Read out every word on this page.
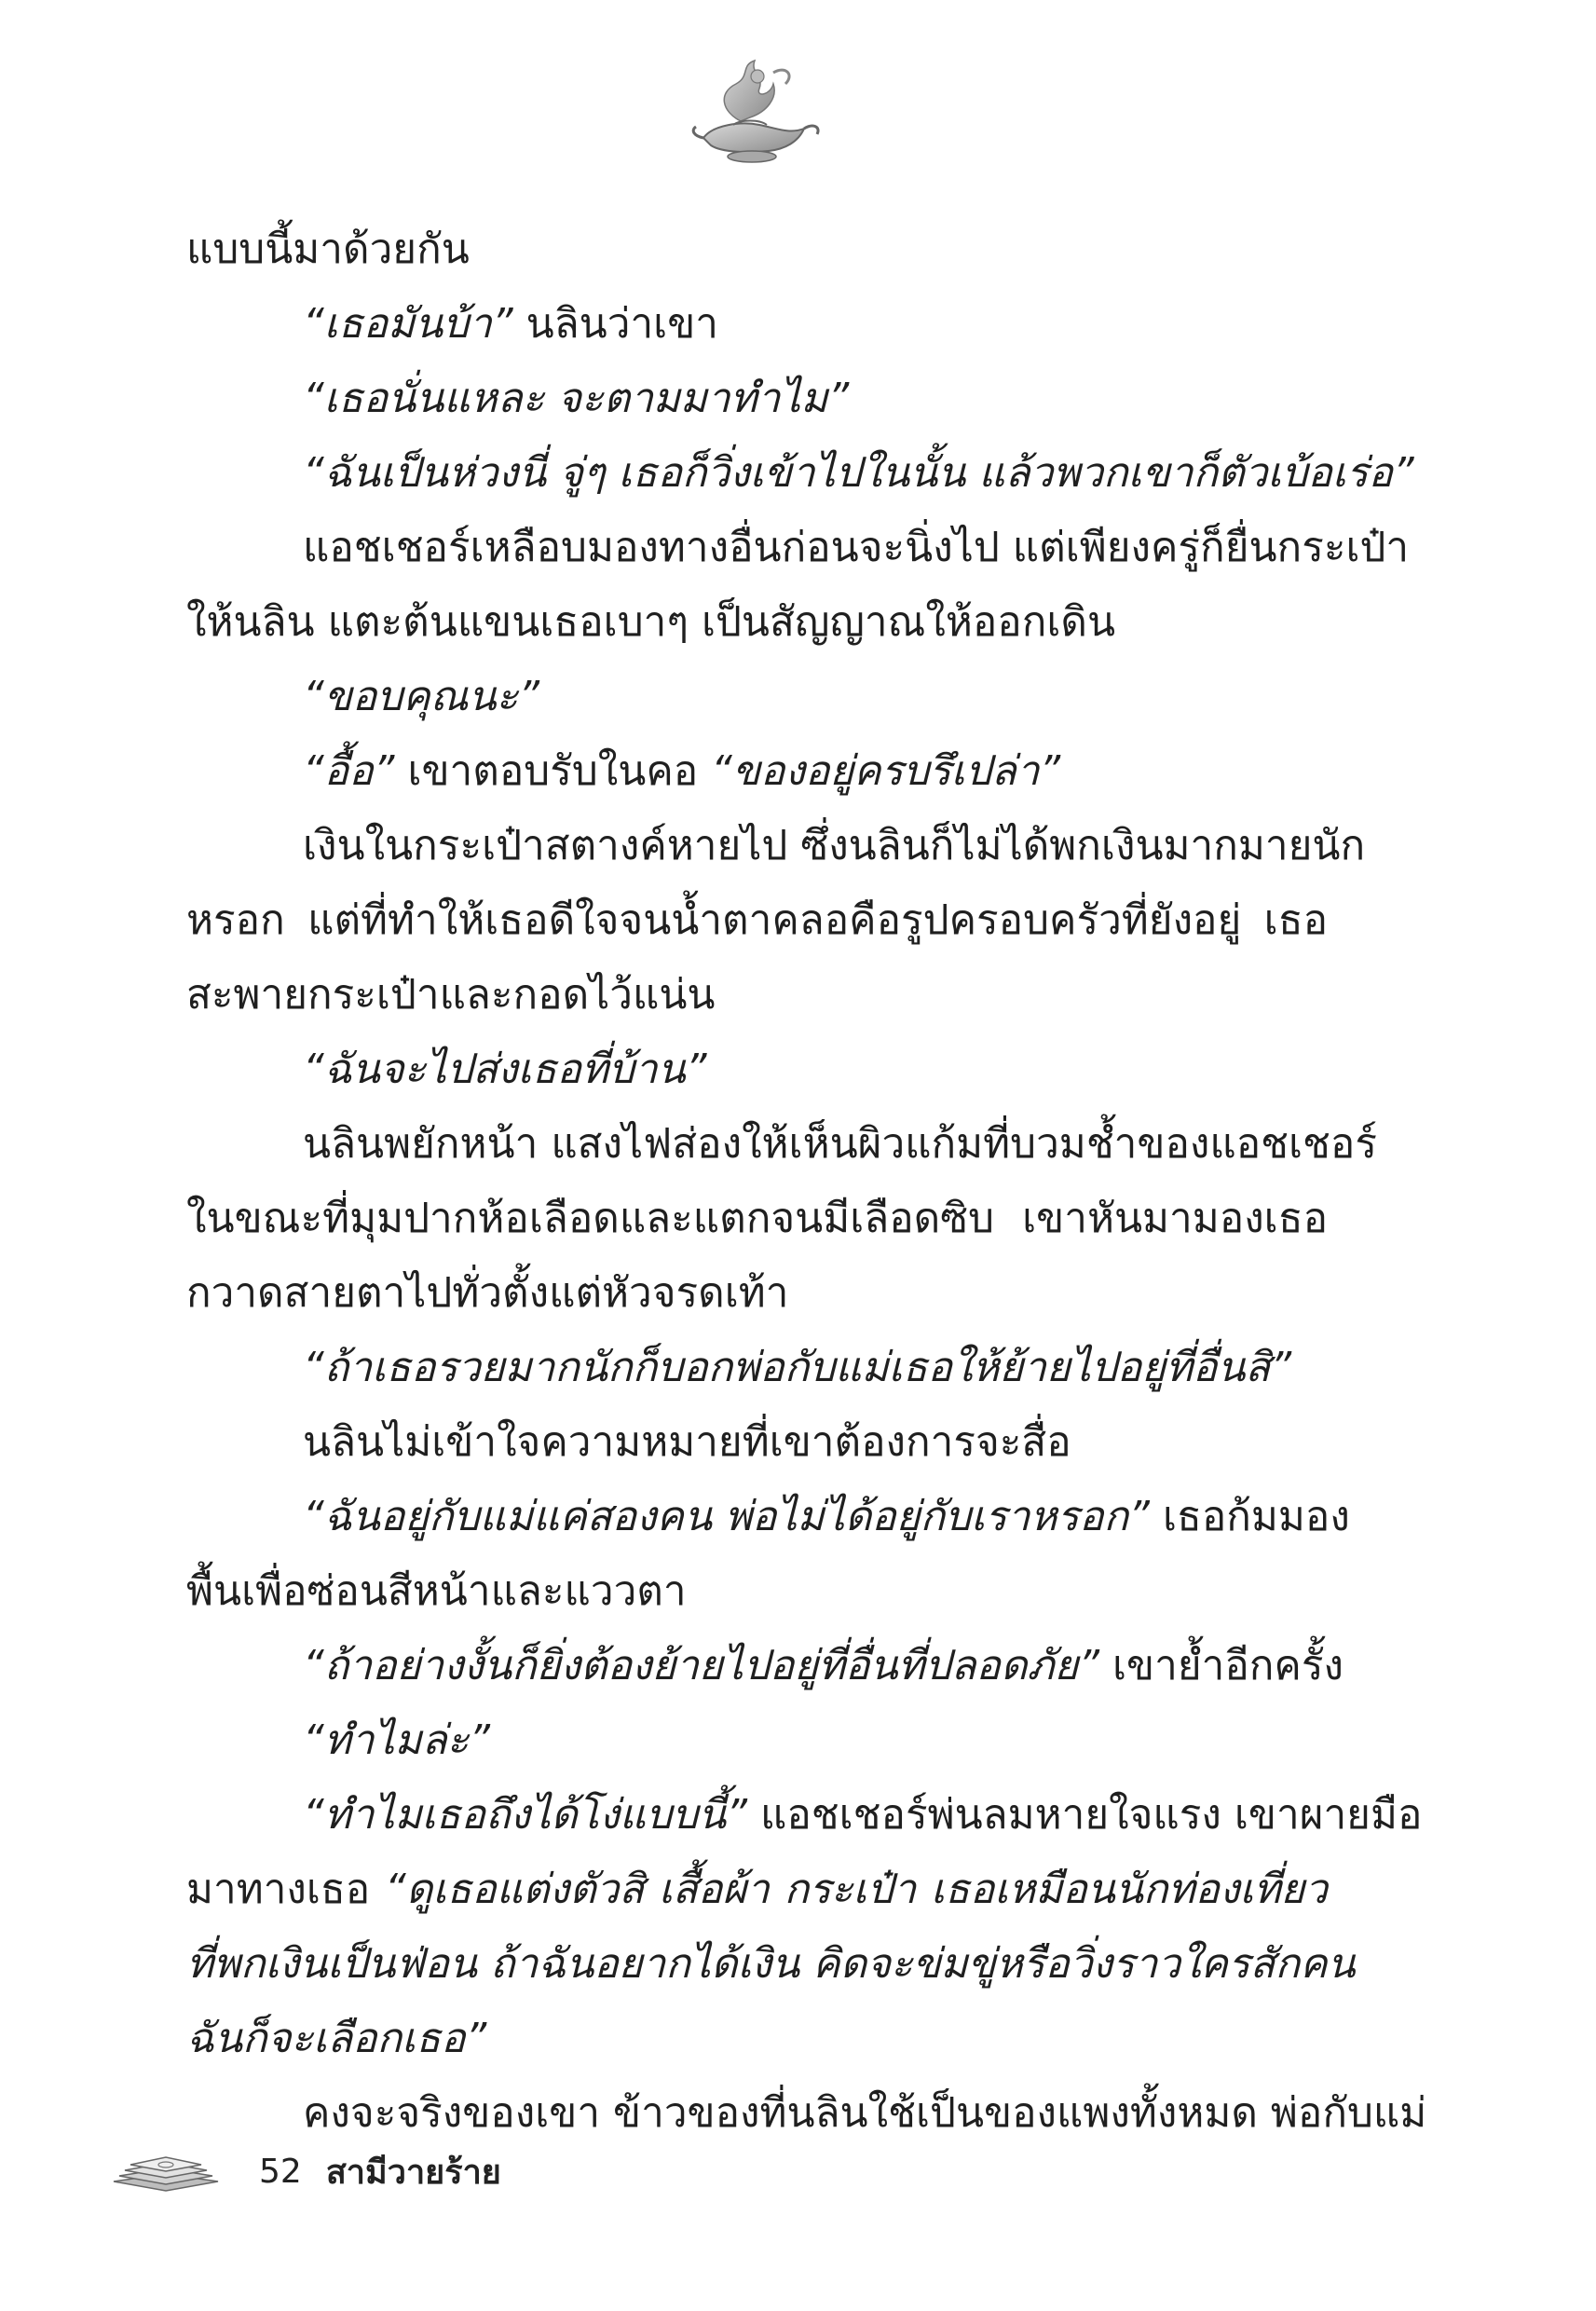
แบบนี้มาด้วยกัน
“เธอมันบ้า” นลินว่าเขา
“เธอนั่นแหละ จะตามมาทำไม”
“ฉันเป็นห่วงนี่ จู่ๆ เธอก็วิ่งเข้าไปในนั้น แล้วพวกเขาก็ตัวเบ้อเร่อ”
แอชเชอร์เหลือบมองทางอื่นก่อนจะนิ่งไป แต่เพียงครู่ก็ยื่นกระเป๋า
ให้นลิน แตะต้นแขนเธอเบาๆ เป็นสัญญาณให้ออกเดิน
“ขอบคุณนะ”
“อื้อ” เขาตอบรับในคอ “ของอยู่ครบรึเปล่า”
เงินในกระเป๋าสตางค์หายไป ซึ่งนลินก็ไม่ได้พกเงินมากมายนัก
หรอก แต่ที่ทำให้เธอดีใจจนน้ำตาคลอคือรูปครอบครัวที่ยังอยู่ เธอ
สะพายกระเป๋าและกอดไว้แน่น
“ฉันจะไปส่งเธอที่บ้าน”
นลินพยักหน้า แสงไฟส่องให้เห็นผิวแก้มที่บวมช้ำของแอชเชอร์
ในขณะที่มุมปากห้อเลือดและแตกจนมีเลือดซิบ เขาหันมามองเธอ
กวาดสายตาไปทั่วตั้งแต่หัวจรดเท้า
“ถ้าเธอรวยมากนักก็บอกพ่อกับแม่เธอให้ย้ายไปอยู่ที่อื่นสิ”
นลินไม่เข้าใจความหมายที่เขาต้องการจะสื่อ
“ฉันอยู่กับแม่แค่สองคน พ่อไม่ได้อยู่กับเราหรอก” เธอก้มมอง
พื้นเพื่อซ่อนสีหน้าและแววตา
“ถ้าอย่างงั้นก็ยิ่งต้องย้ายไปอยู่ที่อื่นที่ปลอดภัย” เขาย้ำอีกครั้ง
“ทำไมล่ะ”
“ทำไมเธอถึงได้โง่แบบนี้” แอชเชอร์พ่นลมหายใจแรง เขาผายมือ
มาทางเธอ “ดูเธอแต่งตัวสิ เสื้อผ้า กระเป๋า เธอเหมือนนักท่องเที่ยว
ที่พกเงินเป็นฟ่อน ถ้าฉันอยากได้เงิน คิดจะข่มขู่หรือวิ่งราวใครสักคน
ฉันก็จะเลือกเธอ”
คงจะจริงของเขา ข้าวของที่นลินใช้เป็นของแพงทั้งหมด พ่อกับแม่
52 สามีวายร้าย
